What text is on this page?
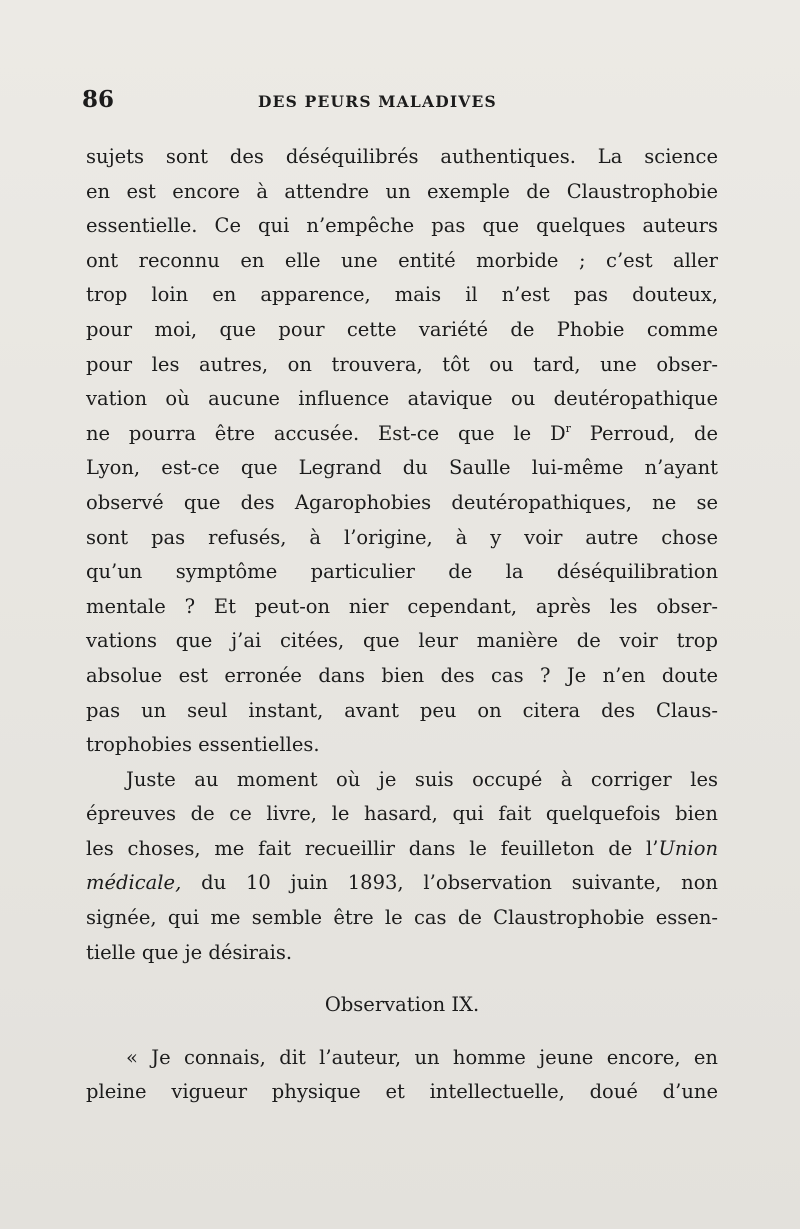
86	DES PEURS MALADIVES
sujets sont des déséquilibrés authentiques. La science
en est encore à attendre un exemple de Claustrophobie
essentielle. Ce qui n’empêche pas que quelques auteurs
ont reconnu en elle une entité morbide ; c’est aller
trop loin en apparence, mais il n’est pas douteux,
pour moi, que pour cette variété de Phobie comme
pour les autres, on trouvera, tôt ou tard, une obser-
vation où aucune influence atavique ou deutéropathique
ne pourra être accusée. Est-ce que le $D^r$ Perroud, de
Lyon, est-ce que Legrand du Saulle lui-même n’ayant
observé que des Agarophobies deutéropathiques, ne se
sont pas refusés, à l’origine, à y voir autre chose
qu’un symptôme particulier de la déséquilibration
mentale ? Et peut-on nier cependant, après les obser-
vations que j’ai citées, que leur manière de voir trop
absolue est erronée dans bien des cas ? Je n’en doute
pas un seul instant, avant peu on citera des Claus-
trophobies essentielles.
Juste au moment où je suis occupé à corriger les
épreuves de ce livre, le hasard, qui fait quelquefois bien
les choses, me fait recueillir dans le feuilleton de l’Union
médicale, du 10 juin 1893, l’observation suivante, non
signée, qui me semble être le cas de Claustrophobie essen-
tielle que je désirais.
Observation IX.
« Je connais, dit l’auteur, un homme jeune encore, en
pleine vigueur physique et intellectuelle, doué d’une
